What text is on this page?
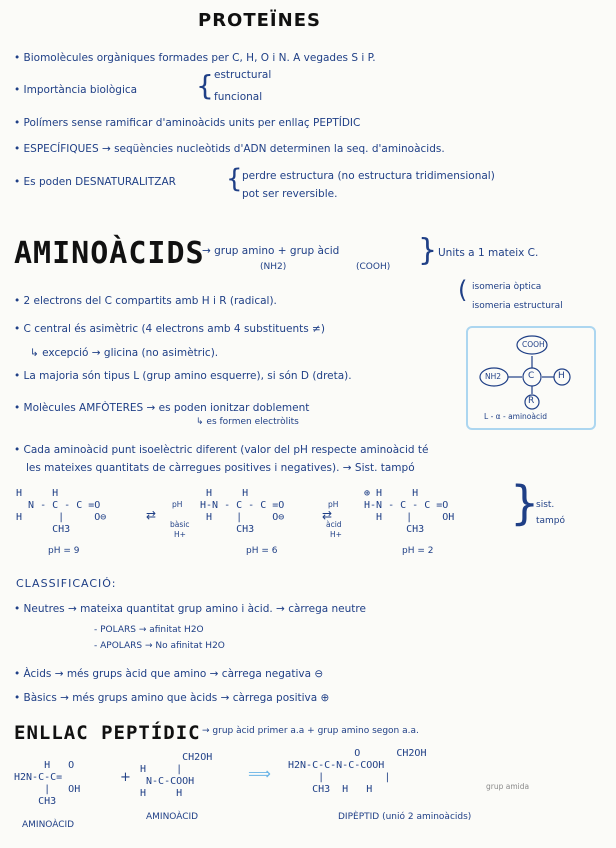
PROTEÏNES
• Biomolècules orgàniques formades per C, H, O i N. A vegades S i P.
• Importància biològica { estructural
funcional
• Polímers sense ramificar d'aminoàcids units per enllaç PEPTÍDIC
• ESPECÍFIQUES → seqüències nucleòtids d'ADN determinen la seq. d'aminoàcids.
• Es poden DESNATURALITZAR { perdre estructura (no estructura tridimensional)
pot ser reversible.
AMINOÀCIDS
→ grup amino + grup àcid
(NH2)	(COOH) } Units a 1 mateix C.
isomeria òptica
isomeria estructural
(
• 2 electrons del C compartits amb H i R (radical).
• C central és asimètric (4 electrons amb 4 substituents ≠)
↳ excepció → glicina (no asimètric).
• La majoria són tipus L (grup amino esquerre), si són D (dreta).
• Molècules AMFÒTERES → es poden ionitzar doblement
↳ es formen electròlits
• Cada aminoàcid punt isoelèctric diferent (valor del pH respecte aminoàcid té
les mateixes quantitats de càrregues positives i negatives). → Sist. tampó
COOH
NH2	C	H
R
L - α - aminoàcid
H     H
N - C - C =O
H      |     O⊖
CH3
pH = 9
pH
⇄
bàsic
H+
H     H
H-N - C - C =O
H    |     O⊖
CH3
pH = 6
pH
⇄
àcid
H+
⊕ H     H
H-N - C - C =O
H    |     OH
CH3
pH = 2
}
sist.
tampó
CLASSIFICACIÓ:
• Neutres → mateixa quantitat grup amino i àcid. → càrrega neutre
- POLARS → afinitat H2O
- APOLARS → No afinitat H2O
• Àcids → més grups àcid que amino → càrrega negativa ⊖
• Bàsics → més grups amino que àcids → càrrega positiva ⊕
ENLLAC PEPTÍDIC → grup àcid primer a.a + grup amino segon a.a.
H   O
H2N-C-C=
|   OH
CH3
+
CH2OH
H     |
N-C-COOH
H     H
⟹
O      CH2OH
H2N-C-C-N-C-COOH
|          |
CH3  H   H	grup amida
AMINOÀCID
AMINOÀCID	DIPÈPTID (unió 2 aminoàcids)
